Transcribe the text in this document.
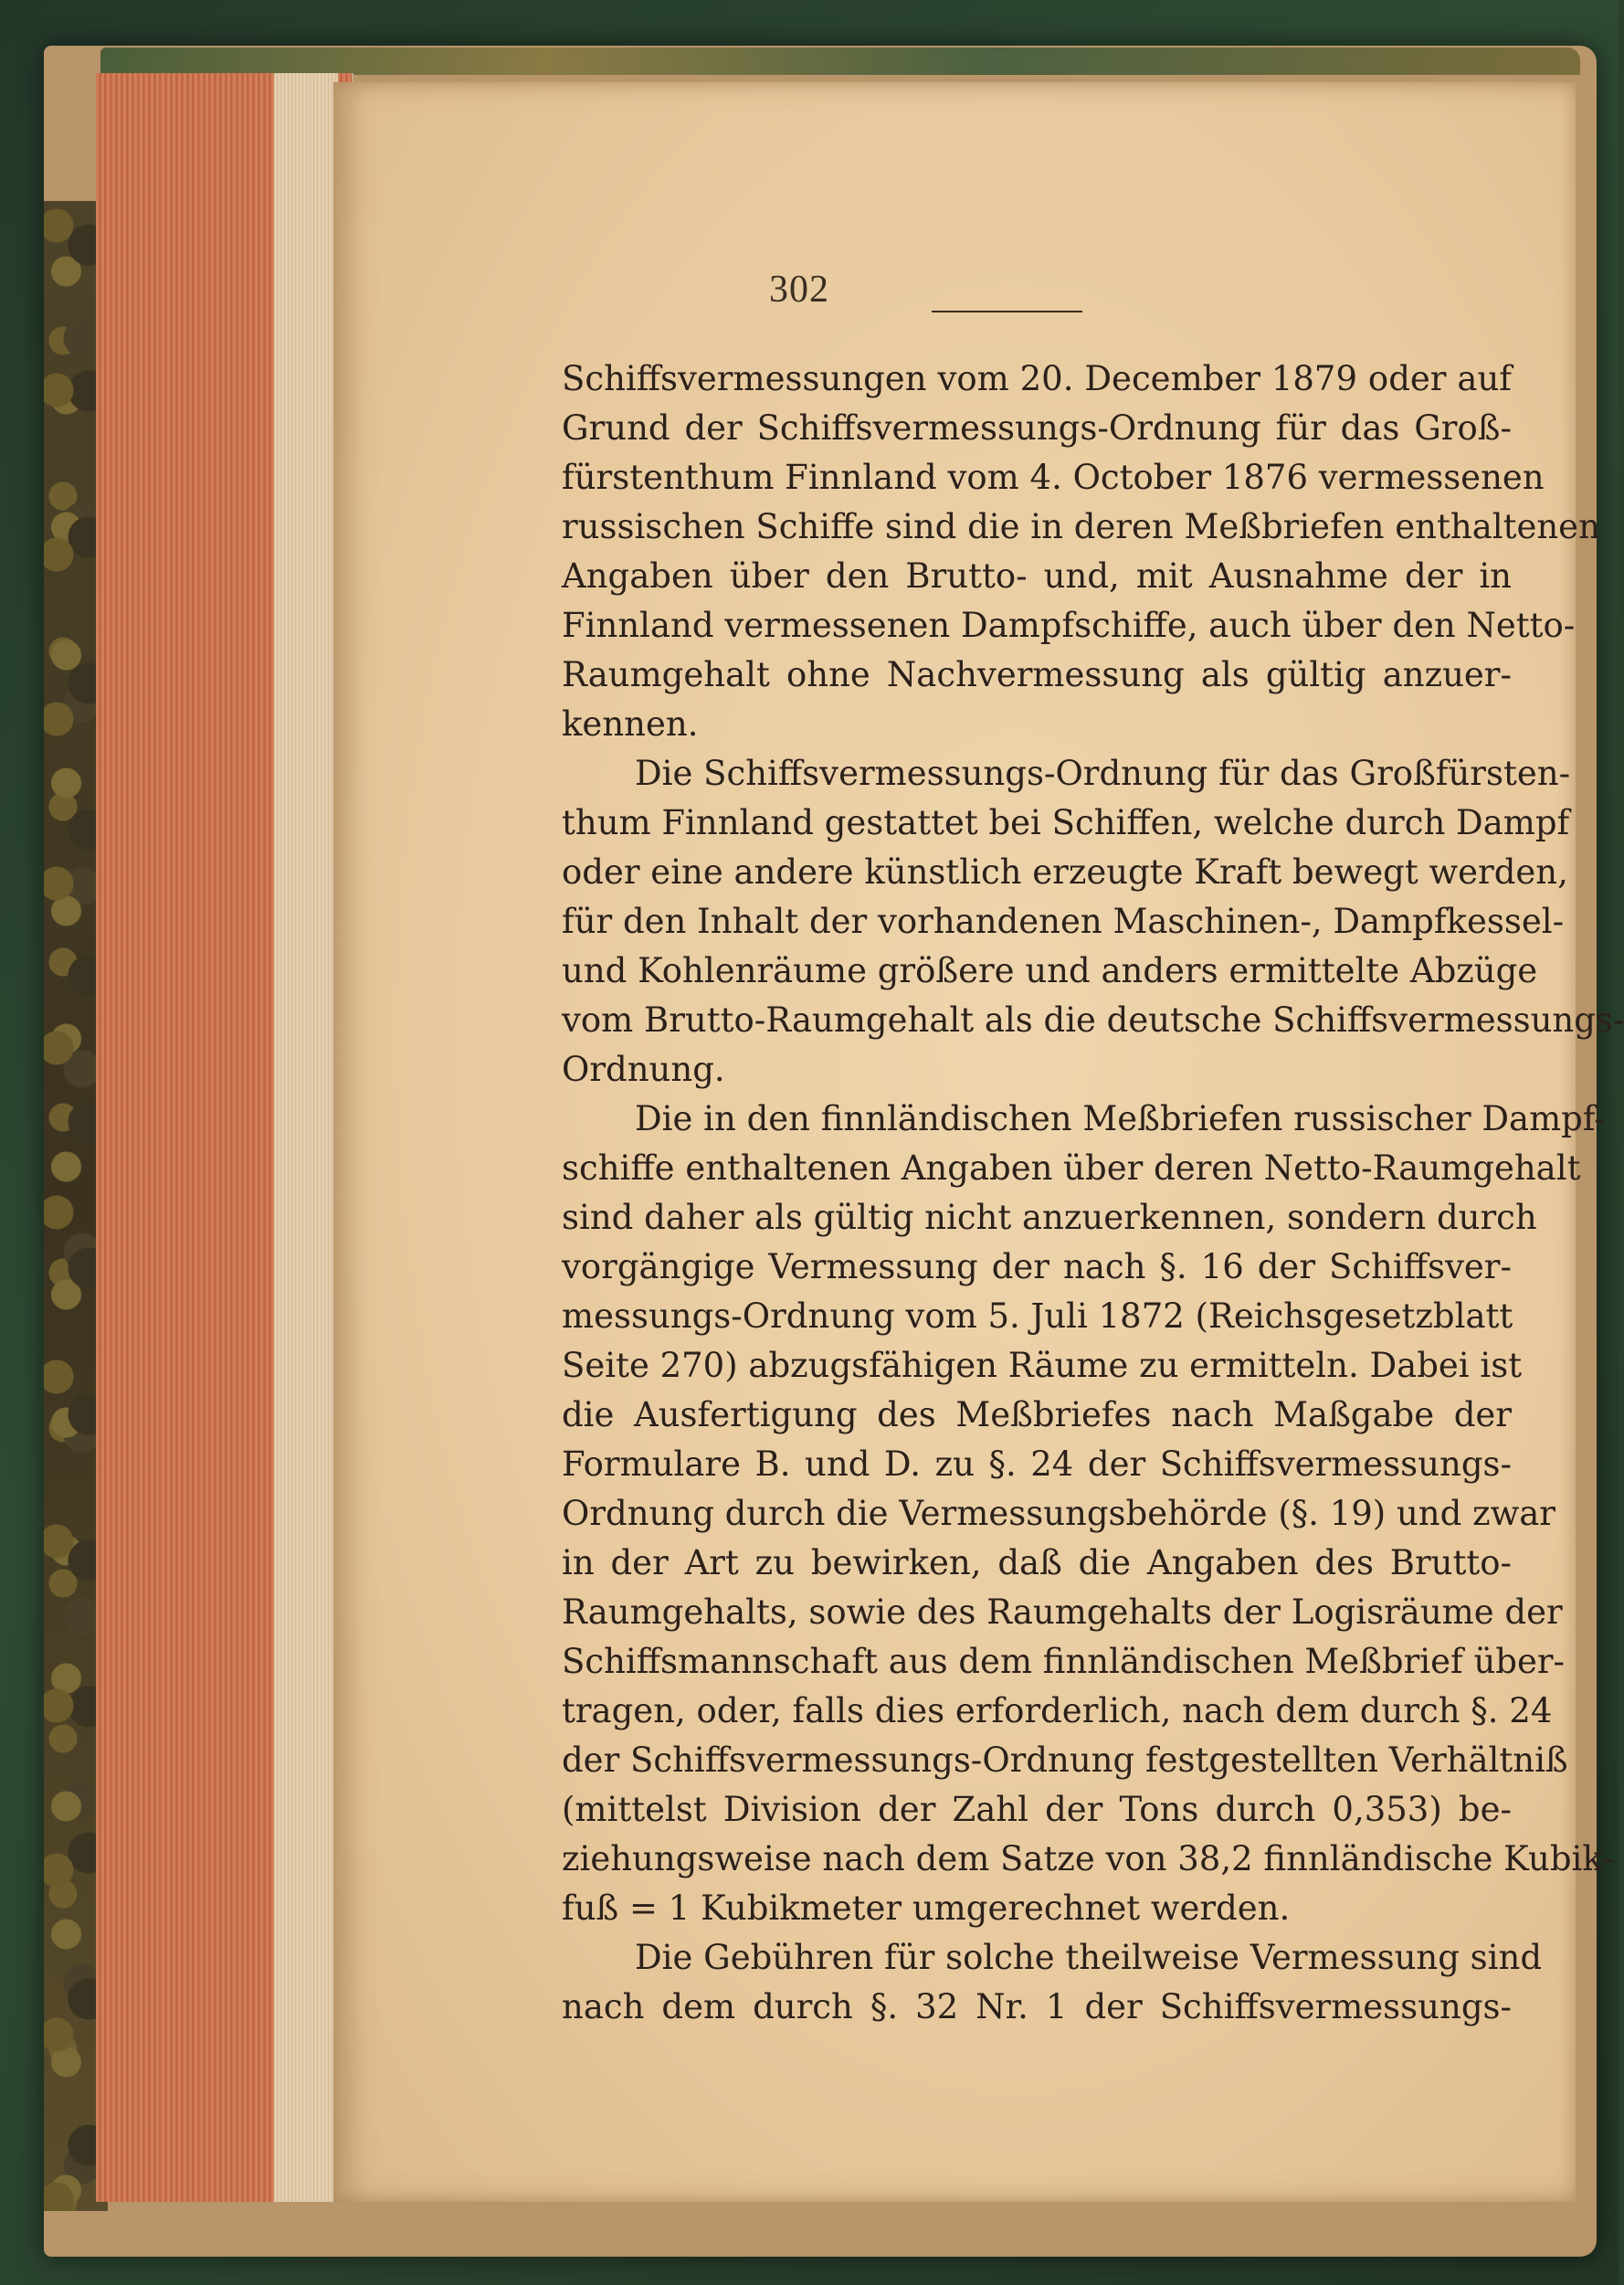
302
Schiffsvermessungen vom 20. December 1879 oder auf
Grund der Schiffsvermessungs-Ordnung für das Groß-
fürstenthum Finnland vom 4. October 1876 vermessenen
russischen Schiffe sind die in deren Meßbriefen enthaltenen
Angaben über den Brutto- und, mit Ausnahme der in
Finnland vermessenen Dampfschiffe, auch über den Netto-
Raumgehalt ohne Nachvermessung als gültig anzuer-
kennen.
Die Schiffsvermessungs-Ordnung für das Großfürsten-
thum Finnland gestattet bei Schiffen, welche durch Dampf
oder eine andere künstlich erzeugte Kraft bewegt werden,
für den Inhalt der vorhandenen Maschinen-, Dampfkessel-
und Kohlenräume größere und anders ermittelte Abzüge
vom Brutto-Raumgehalt als die deutsche Schiffsvermessungs-
Ordnung.
Die in den finnländischen Meßbriefen russischer Dampf-
schiffe enthaltenen Angaben über deren Netto-Raumgehalt
sind daher als gültig nicht anzuerkennen, sondern durch
vorgängige Vermessung der nach §. 16 der Schiffsver-
messungs-Ordnung vom 5. Juli 1872 (Reichsgesetzblatt
Seite 270) abzugsfähigen Räume zu ermitteln. Dabei ist
die Ausfertigung des Meßbriefes nach Maßgabe der
Formulare B. und D. zu §. 24 der Schiffsvermessungs-
Ordnung durch die Vermessungsbehörde (§. 19) und zwar
in der Art zu bewirken, daß die Angaben des Brutto-
Raumgehalts, sowie des Raumgehalts der Logisräume der
Schiffsmannschaft aus dem finnländischen Meßbrief über-
tragen, oder, falls dies erforderlich, nach dem durch §. 24
der Schiffsvermessungs-Ordnung festgestellten Verhältniß
(mittelst Division der Zahl der Tons durch 0,353) be-
ziehungsweise nach dem Satze von 38,2 finnländische Kubik-
fuß = 1 Kubikmeter umgerechnet werden.
Die Gebühren für solche theilweise Vermessung sind
nach dem durch §. 32 Nr. 1 der Schiffsvermessungs-
